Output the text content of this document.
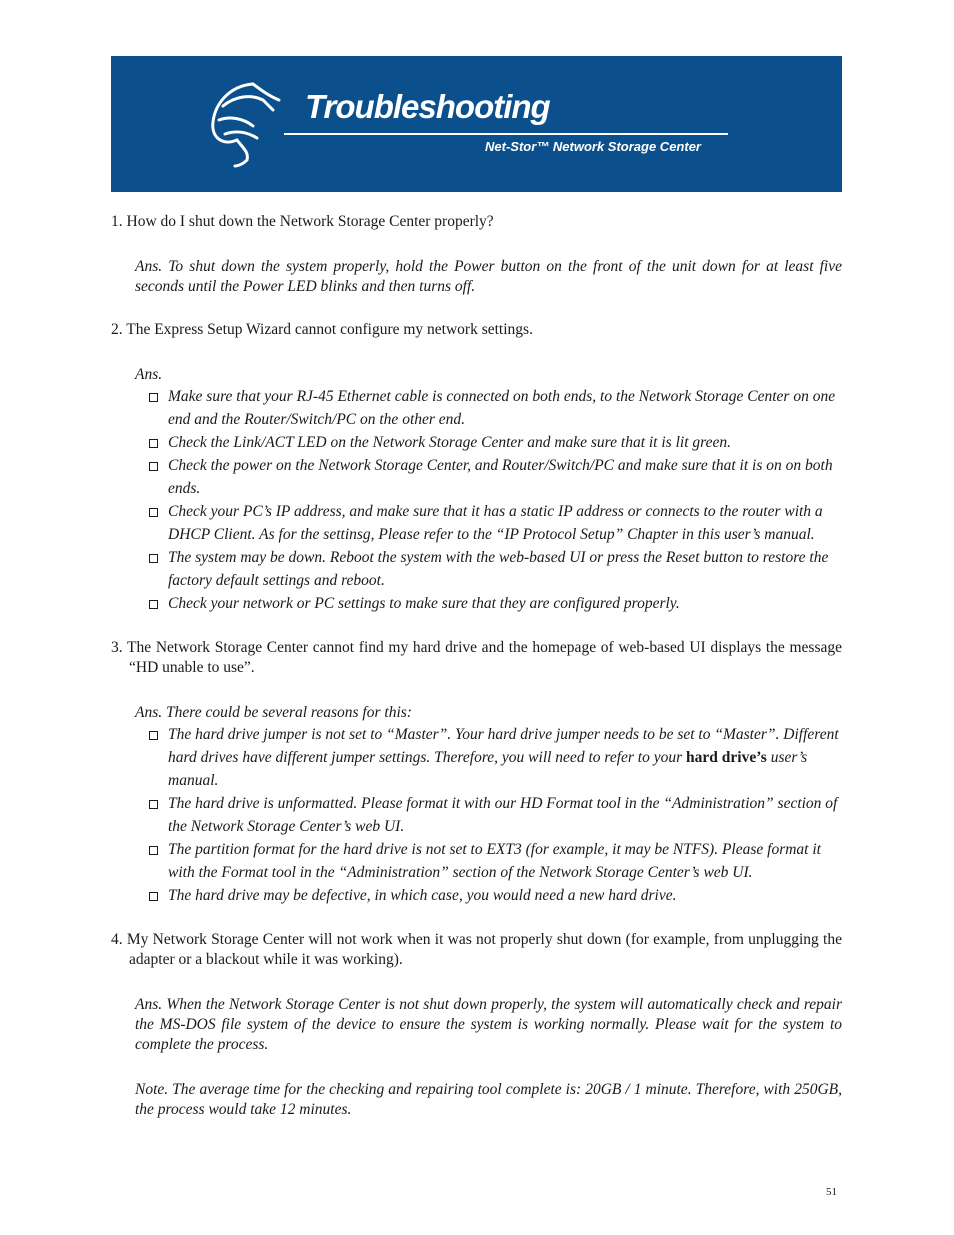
Troubleshooting
Net-Stor™ Network Storage Center

1. How do I shut down the Network Storage Center properly?

Ans. To shut down the system properly, hold the Power button on the front of the unit down for at least five seconds until the Power LED blinks and then turns off.

2. The Express Setup Wizard cannot configure my network settings.

Ans.

Make sure that your RJ-45 Ethernet cable is connected on both ends, to the Network Storage Center on one end and the Router/Switch/PC on the other end.
Check the Link/ACT LED on the Network Storage Center and make sure that it is lit green.
Check the power on the Network Storage Center, and Router/Switch/PC and make sure that it is on on both ends.
Check your PC’s IP address, and make sure that it has a static IP address or connects to the router with a DHCP Client. As for the settinsg, Please refer to the “IP Protocol Setup” Chapter in this user’s manual.
The system may be down. Reboot the system with the web-based UI or press the Reset button to restore the factory default settings and reboot.
Check your network or PC settings to make sure that they are configured properly.

3. The Network Storage Center cannot find my hard drive and the homepage of web-based UI displays the message “HD unable to use”.

Ans. There could be several reasons for this:

The hard drive jumper is not set to “Master”. Your hard drive jumper needs to be set to “Master”. Different hard drives have different jumper settings. Therefore, you will need to refer to your hard drive’s user’s manual.
The hard drive is unformatted. Please format it with our HD Format tool in the “Administration” section of the Network Storage Center’s web UI.
The partition format for the hard drive is not set to EXT3 (for example, it may be NTFS). Please format it with the Format tool in the “Administration” section of the Network Storage Center’s web UI.
The hard drive may be defective, in which case, you would need a new hard drive.

4. My Network Storage Center will not work when it was not properly shut down (for example, from unplugging the adapter or a blackout while it was working).

Ans. When the Network Storage Center is not shut down properly, the system will automatically check and repair the MS-DOS file system of the device to ensure the system is working normally. Please wait for the system to complete the process.

Note. The average time for the checking and repairing tool complete is: 20GB / 1 minute. Therefore, with 250GB, the process would take 12 minutes.

51
